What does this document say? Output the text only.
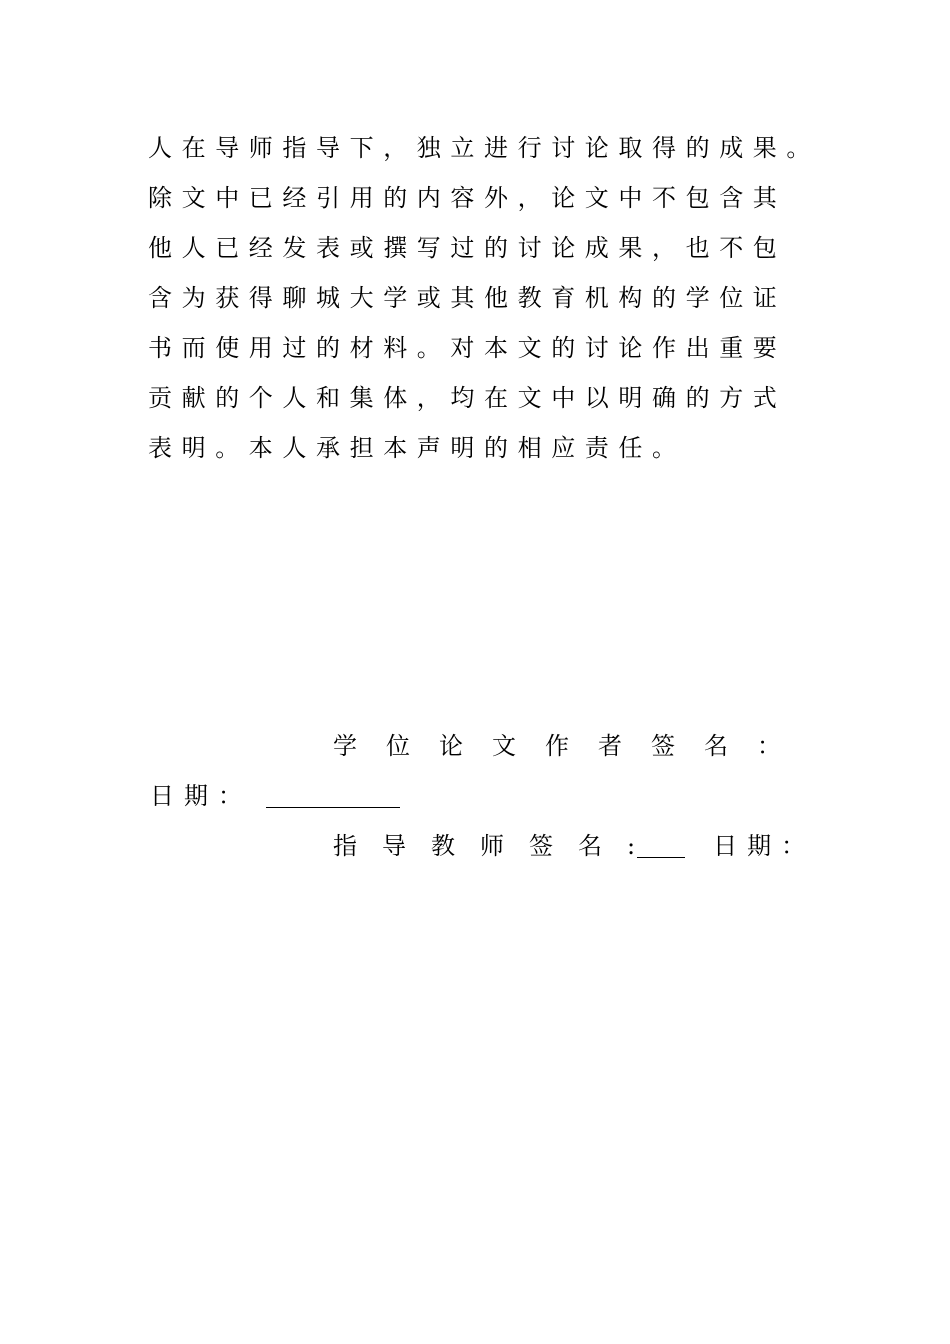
人在导师指导下，独立进行讨论取得的成果。
除文中已经引用的内容外，论文中不包含其
他人已经发表或撰写过的讨论成果，也不包
含为获得聊城大学或其他教育机构的学位证
书而使用过的材料。对本文的讨论作出重要
贡献的个人和集体，均在文中以明确的方式
表明。本人承担本声明的相应责任。
学位论文作者签名：
日期：
指导教师签名:	日期：
